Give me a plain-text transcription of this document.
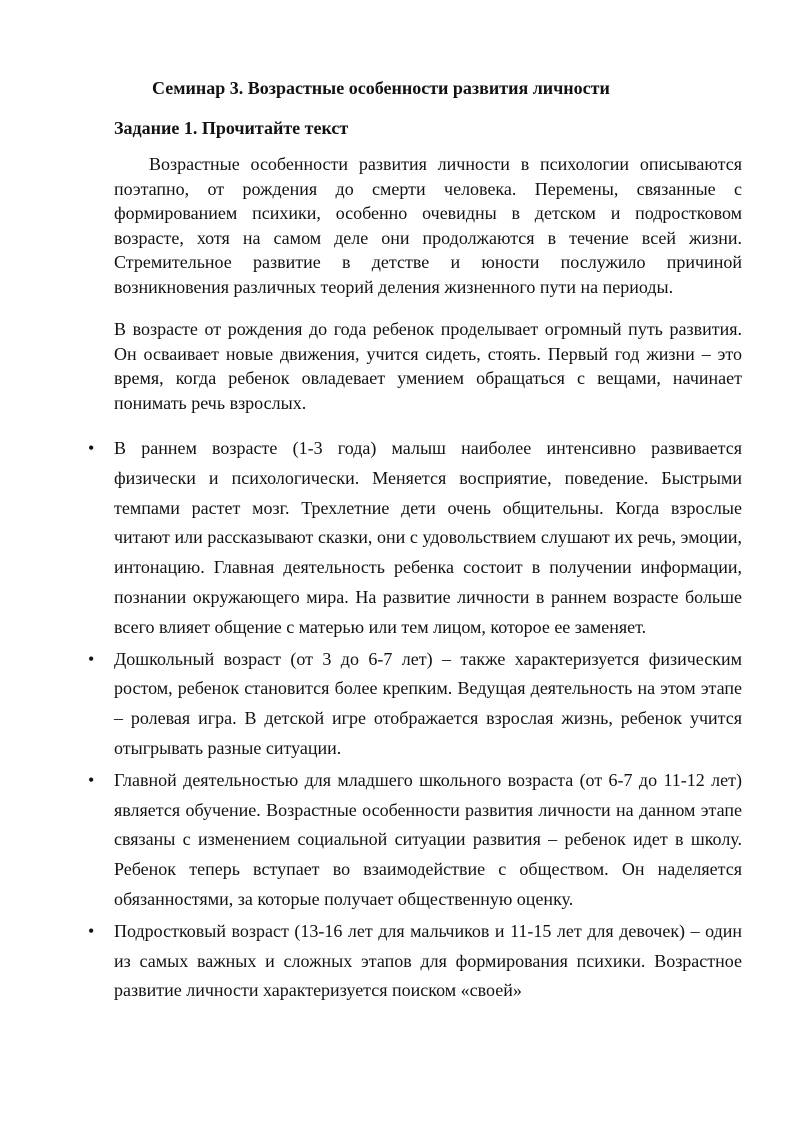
Семинар 3. Возрастные особенности развития личности
Задание 1. Прочитайте текст

Возрастные особенности развития личности в психологии описываются поэтапно, от рождения до смерти человека. Перемены, связанные с формированием психики, особенно очевидны в детском и подростковом возрасте, хотя на самом деле они продолжаются в течение всей жизни. Стремительное развитие в детстве и юности послужило причиной возникновения различных теорий деления жизненного пути на периоды.

В возрасте от рождения до года ребенок проделывает огромный путь развития. Он осваивает новые движения, учится сидеть, стоять. Первый год жизни – это время, когда ребенок овладевает умением обращаться с вещами, начинает понимать речь взрослых.

• В раннем возрасте (1-3 года) малыш наиболее интенсивно развивается физически и психологически. Меняется восприятие, поведение. Быстрыми темпами растет мозг. Трехлетние дети очень общительны. Когда взрослые читают или рассказывают сказки, они с удовольствием слушают их речь, эмоции, интонацию. Главная деятельность ребенка состоит в получении информации, познании окружающего мира. На развитие личности в раннем возрасте больше всего влияет общение с матерью или тем лицом, которое ее заменяет.
• Дошкольный возраст (от 3 до 6-7 лет) – также характеризуется физическим ростом, ребенок становится более крепким. Ведущая деятельность на этом этапе – ролевая игра. В детской игре отображается взрослая жизнь, ребенок учится отыгрывать разные ситуации.
• Главной деятельностью для младшего школьного возраста (от 6-7 до 11-12 лет) является обучение. Возрастные особенности развития личности на данном этапе связаны с изменением социальной ситуации развития – ребенок идет в школу. Ребенок теперь вступает во взаимодействие с обществом. Он наделяется обязанностями, за которые получает общественную оценку.
• Подростковый возраст (13-16 лет для мальчиков и 11-15 лет для девочек) – один из самых важных и сложных этапов для формирования психики. Возрастное развитие личности характеризуется поиском «своей»
